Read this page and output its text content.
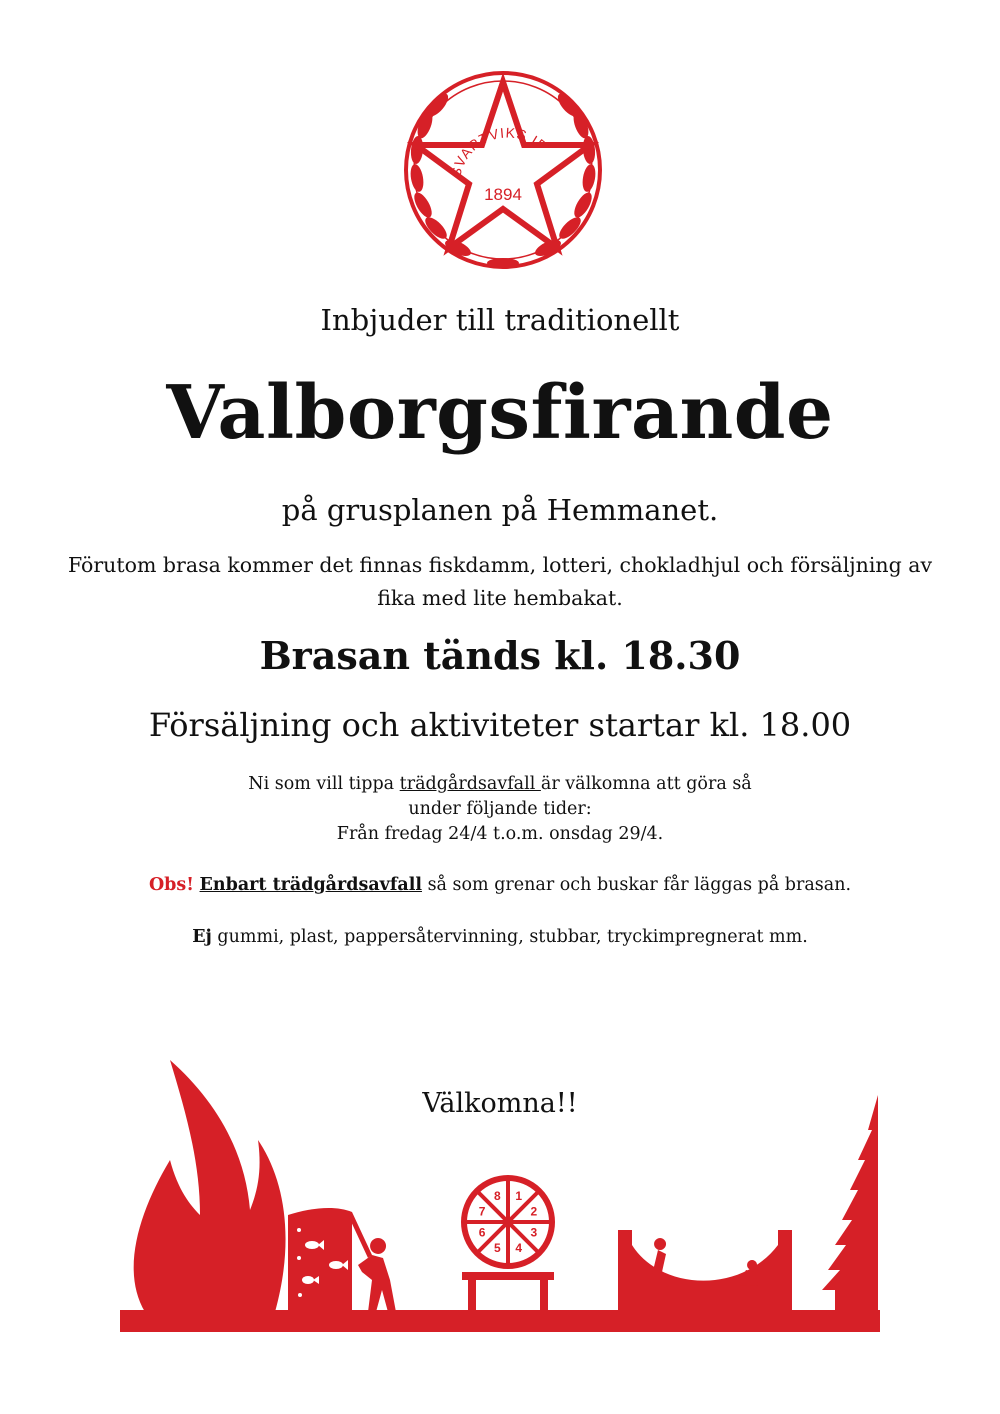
SVARTVIKS IF
1894
Inbjuder till traditionellt
Valborgsfirande
på grusplanen på Hemmanet.
Förutom brasa kommer det finnas fiskdamm, lotteri, chokladhjul och försäljning av
fika med lite hembakat.
Brasan tänds kl. 18.30
Försäljning och aktiviteter startar kl. 18.00
Ni som vill tippa trädgårdsavfall är välkomna att göra så
under följande tider:
Från fredag 24/4 t.o.m. onsdag 29/4.
Obs! Enbart trädgårdsavfall så som grenar och buskar får läggas på brasan.
Ej gummi, plast, pappersåtervinning, stubbar, tryckimpregnerat mm.
Välkomna!!
1
2
3
4
5
6
7
8
